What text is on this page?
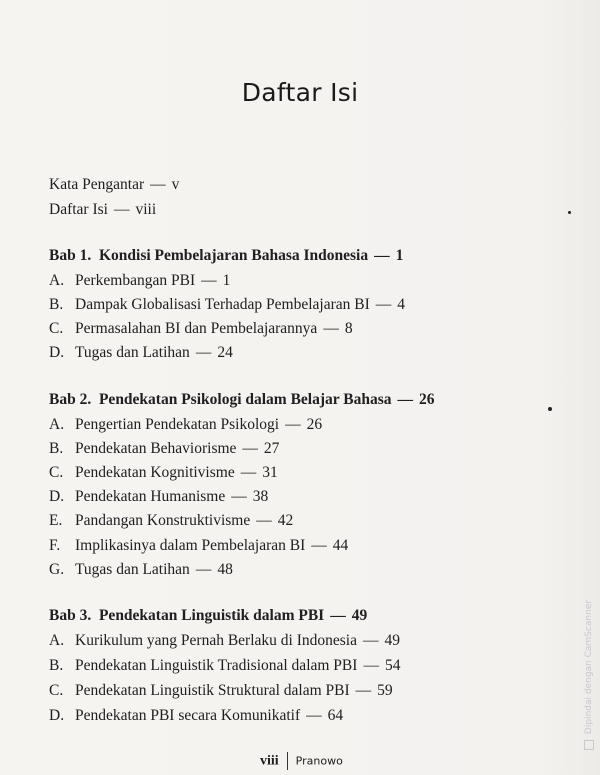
Daftar Isi
Kata Pengantar — v
Daftar Isi — viii
Bab 1. Kondisi Pembelajaran Bahasa Indonesia — 1
A. Perkembangan PBI — 1
B. Dampak Globalisasi Terhadap Pembelajaran BI — 4
C. Permasalahan BI dan Pembelajarannya — 8
D. Tugas dan Latihan — 24
Bab 2. Pendekatan Psikologi dalam Belajar Bahasa — 26
A. Pengertian Pendekatan Psikologi — 26
B. Pendekatan Behaviorisme — 27
C. Pendekatan Kognitivisme — 31
D. Pendekatan Humanisme — 38
E. Pandangan Konstruktivisme — 42
F. Implikasinya dalam Pembelajaran BI — 44
G. Tugas dan Latihan — 48
Bab 3. Pendekatan Linguistik dalam PBI — 49
A. Kurikulum yang Pernah Berlaku di Indonesia — 49
B. Pendekatan Linguistik Tradisional dalam PBI — 54
C. Pendekatan Linguistik Struktural dalam PBI — 59
D. Pendekatan PBI secara Komunikatif — 64
viii Pranowo
Dipindai dengan CamScanner
